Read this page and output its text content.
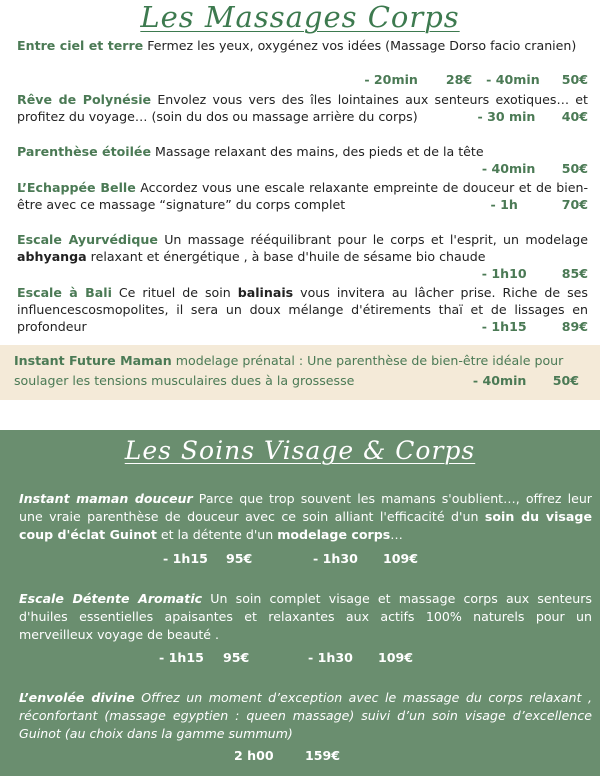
Les Massages Corps
Entre ciel et terre Fermez les yeux, oxygénez vos idées (Massage Dorso facio cranien)

- 20min 28€ - 40min 50€

Rêve de Polynésie Envolez vous vers des îles lointaines aux senteurs exotiques… et profitez du voyage… (soin du dos ou massage arrière du corps)	- 30 min 40€
Parenthèse étoilée Massage relaxant des mains, des pieds et de la tête
- 40min 50€
L’Echappée Belle Accordez vous une escale relaxante empreinte de douceur et de bien-être avec ce massage “signature” du corps complet	- 1h	70€
Escale Ayurvédique Un massage rééquilibrant pour le corps et l'esprit, un modelage abhyanga relaxant et énergétique , à base d'huile de sésame bio chaude
- 1h10	85€
Escale à Bali Ce rituel de soin balinais vous invitera au lâcher prise. Riche de ses influencescosmopolites, il sera un doux mélange d'étirements thaï et de lissages en profondeur	- 1h15	89€
Instant Future Maman modelage prénatal : Une parenthèse de bien-être idéale pour soulager les tensions musculaires dues à la grossesse	- 40min 50€
Les Soins Visage & Corps
Instant maman douceur Parce que trop souvent les mamans s'oublient…, offrez leur une vraie parenthèse de douceur avec ce soin alliant l'efficacité d'un soin du visage coup d'éclat Guinot et la détente d'un modelage corps…
- 1h15 95€	- 1h30 109€
Escale Détente Aromatic Un soin complet visage et massage corps aux senteurs d'huiles essentielles apaisantes et relaxantes aux actifs 100% naturels pour un merveilleux voyage de beauté .
- 1h15 95€	- 1h30 109€
L’envolée divine Offrez un moment d’exception avec le massage du corps relaxant , réconfortant (massage egyptien : queen massage) suivi d’un soin visage d’excellence Guinot (au choix dans la gamme summum)
2 h00 159€
